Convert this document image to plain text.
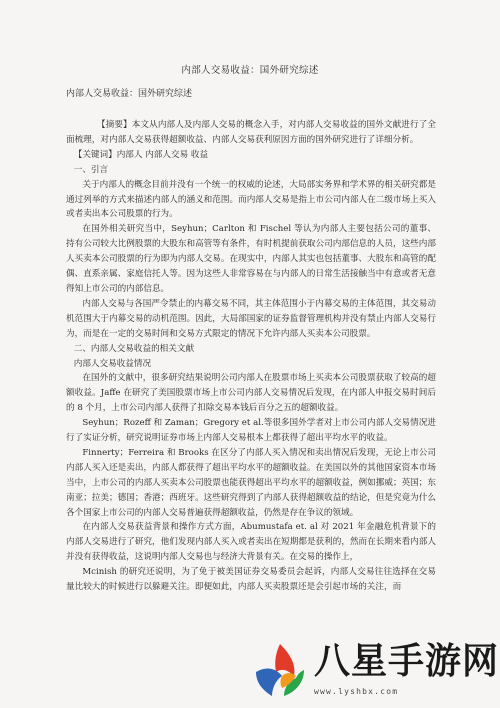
内部人交易收益：国外研究综述
内部人交易收益：国外研究综述

【摘要】本文从内部人及内部人交易的概念入手，对内部人交易收益的国外文献进行了全面梳理，对内部人交易获得超额收益、内部人交易获利原因方面的国外研究进行了详细分析。

【关键词】内部人 内部人交易 收益

一、引言

关于内部人的概念目前并没有一个统一的权威的论述，大局部实务界和学术界的相关研究都是通过列举的方式来描述内部人的涵义和范围。而内部人交易是指上市公司内部人在二级市场上买入或者卖出本公司股票的行为。

在国外相关研究当中，Seyhun；Carlton 和 Fischel 等认为内部人主要包括公司的董事、持有公司较大比例股票的大股东和高管等有条件，有时机提前获取公司内部信息的人员，这些内部人买卖本公司股票的行为即为内部人交易。在现实中，内部人其实也包括董事、大股东和高管的配偶、直系亲属、家庭信托人等。因为这些人非常容易在与内部人的日常生活接触当中有意或者无意得知上市公司的内部信息。

内部人交易与各国严令禁止的内幕交易不同，其主体范围小于内幕交易的主体范围，其交易动机范围大于内幕交易的动机范围。因此，大局部国家的证券监督管理机构并没有禁止内部人交易行为，而是在一定的交易时间和交易方式限定的情况下允许内部人买卖本公司股票。

二、内部人交易收益的相关文献

内部人交易收益情况

在国外的文献中，很多研究结果说明公司内部人在股票市场上买卖本公司股票获取了较高的超额收益。Jaffe 在研究了美国股票市场上市公司内部人交易情况后发现，在内部人申报交易时间后的 8 个月，上市公司内部人获得了扣除交易本钱后百分之五的超额收益。

Seyhun；Rozeff 和 Zaman；Gregory et al.等很多国外学者对上市公司内部人交易情况进行了实证分析，研究说明证券市场上内部人交易根本上都获得了超出平均水平的收益。

Finnerty；Ferreira 和 Brooks 在区分了内部人买入情况和卖出情况后发现，无论上市公司内部人买入还是卖出，内部人都获得了超出平均水平的超额收益。在美国以外的其他国家资本市场当中，上市公司的内部人买卖本公司股票也能获得超出平均水平的超额收益，例如挪威；英国；东南亚；拉美；德国；香港；西班牙。这些研究得到了内部人获得超额收益的结论，但是究竟为什么各个国家上市公司的内部人交易普遍获得超额收益，仍然是存在争议的领域。

在内部人交易获益背景和操作方式方面，Abumustafa et. al 对 2021 年金融危机背景下的内部人交易进行了研究，他们发现内部人买入或者卖出在短期都是获利的，然而在长期来看内部人并没有获得收益，这说明内部人交易也与经济大背景有关。在交易的操作上，

Mcinish 的研究还说明，为了免于被美国证券交易委员会起诉，内部人交易往往选择在交易量比较大的时候进行以躲避关注。即便如此，内部人买卖股票还是会引起市场的关注，而

八星手游网
www.lyshbx.com
